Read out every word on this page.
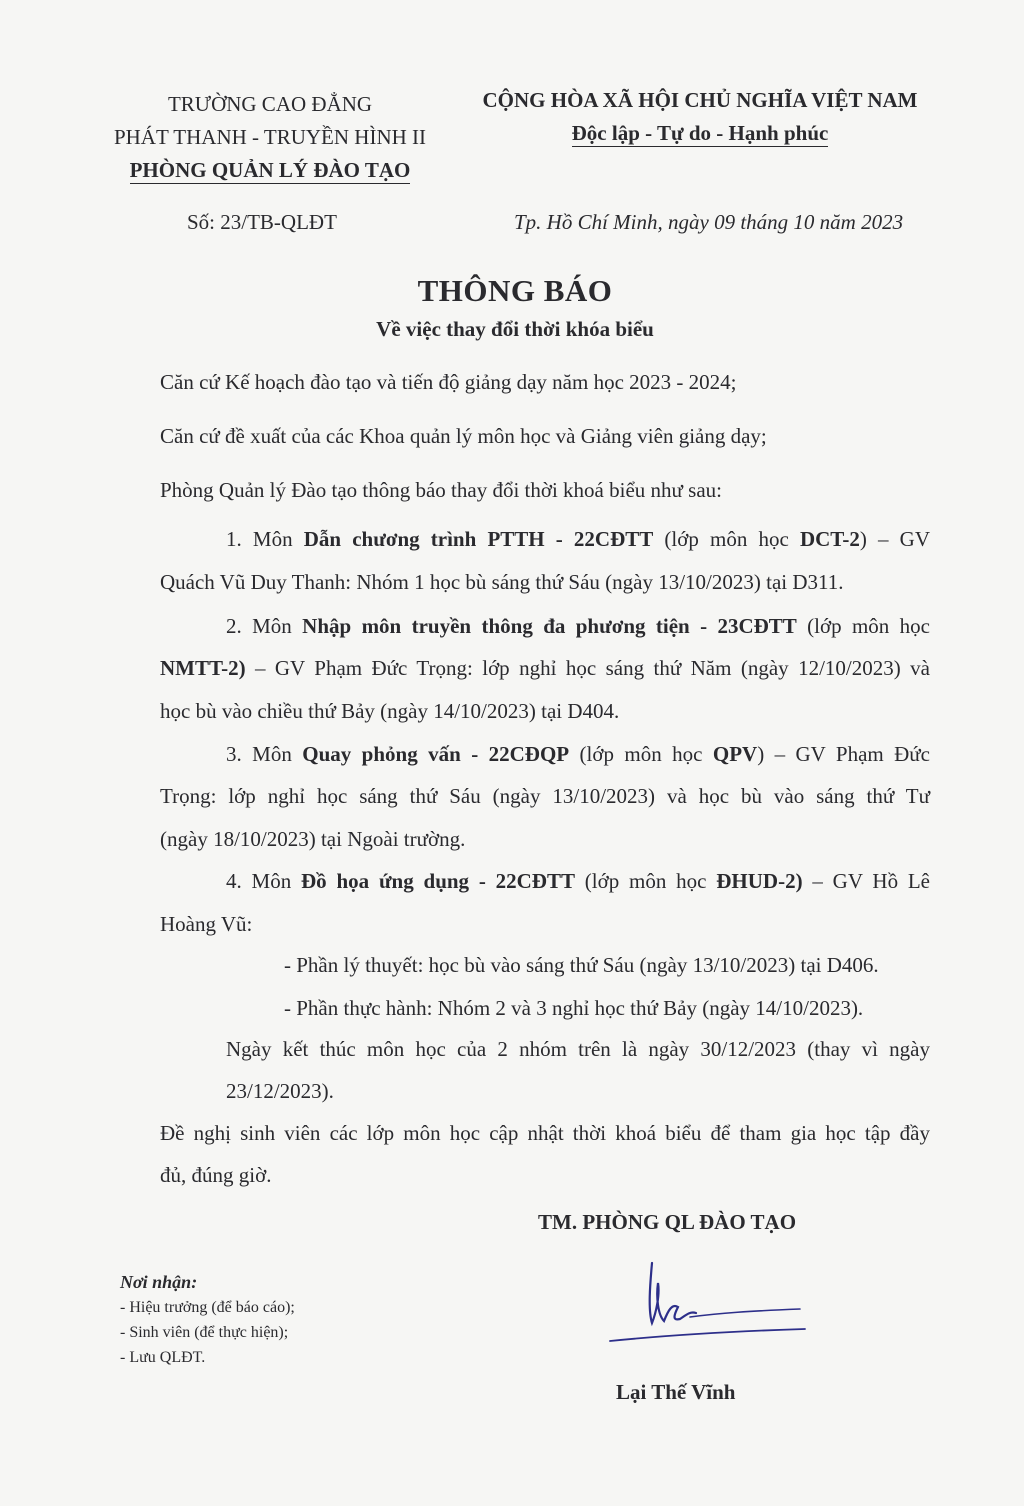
TRƯỜNG CAO ĐẲNG
PHÁT THANH - TRUYỀN HÌNH II
PHÒNG QUẢN LÝ ĐÀO TẠO
CỘNG HÒA XÃ HỘI CHỦ NGHĨA VIỆT NAM
Độc lập - Tự do - Hạnh phúc
Số: 23/TB-QLĐT	Tp. Hồ Chí Minh, ngày 09 tháng 10 năm 2023
THÔNG BÁO
Về việc thay đổi thời khóa biểu
Căn cứ Kế hoạch đào tạo và tiến độ giảng dạy năm học 2023 - 2024;
Căn cứ đề xuất của các Khoa quản lý môn học và Giảng viên giảng dạy;
Phòng Quản lý Đào tạo thông báo thay đổi thời khoá biểu như sau:
1. Môn Dẫn chương trình PTTH - 22CĐTT (lớp môn học DCT-2) – GV
Quách Vũ Duy Thanh: Nhóm 1 học bù sáng thứ Sáu (ngày 13/10/2023) tại D311.
2. Môn Nhập môn truyền thông đa phương tiện - 23CĐTT (lớp môn học
NMTT-2) – GV Phạm Đức Trọng: lớp nghỉ học sáng thứ Năm (ngày 12/10/2023) và
học bù vào chiều thứ Bảy (ngày 14/10/2023) tại D404.
3. Môn Quay phỏng vấn - 22CĐQP (lớp môn học QPV) – GV Phạm Đức
Trọng: lớp nghỉ học sáng thứ Sáu (ngày 13/10/2023) và học bù vào sáng thứ Tư
(ngày 18/10/2023) tại Ngoài trường.
4. Môn Đồ họa ứng dụng - 22CĐTT (lớp môn học ĐHUD-2) – GV Hồ Lê
Hoàng Vũ:
- Phần lý thuyết: học bù vào sáng thứ Sáu (ngày 13/10/2023) tại D406.
- Phần thực hành: Nhóm 2 và 3 nghỉ học thứ Bảy (ngày 14/10/2023).
Ngày kết thúc môn học của 2 nhóm trên là ngày 30/12/2023 (thay vì ngày
23/12/2023).
Đề nghị sinh viên các lớp môn học cập nhật thời khoá biểu để tham gia học tập đầy
đủ, đúng giờ.
TM. PHÒNG QL ĐÀO TẠO
Lại Thế Vĩnh
Nơi nhận:
- Hiệu trưởng (để báo cáo);
- Sinh viên (để thực hiện);
- Lưu QLĐT.
